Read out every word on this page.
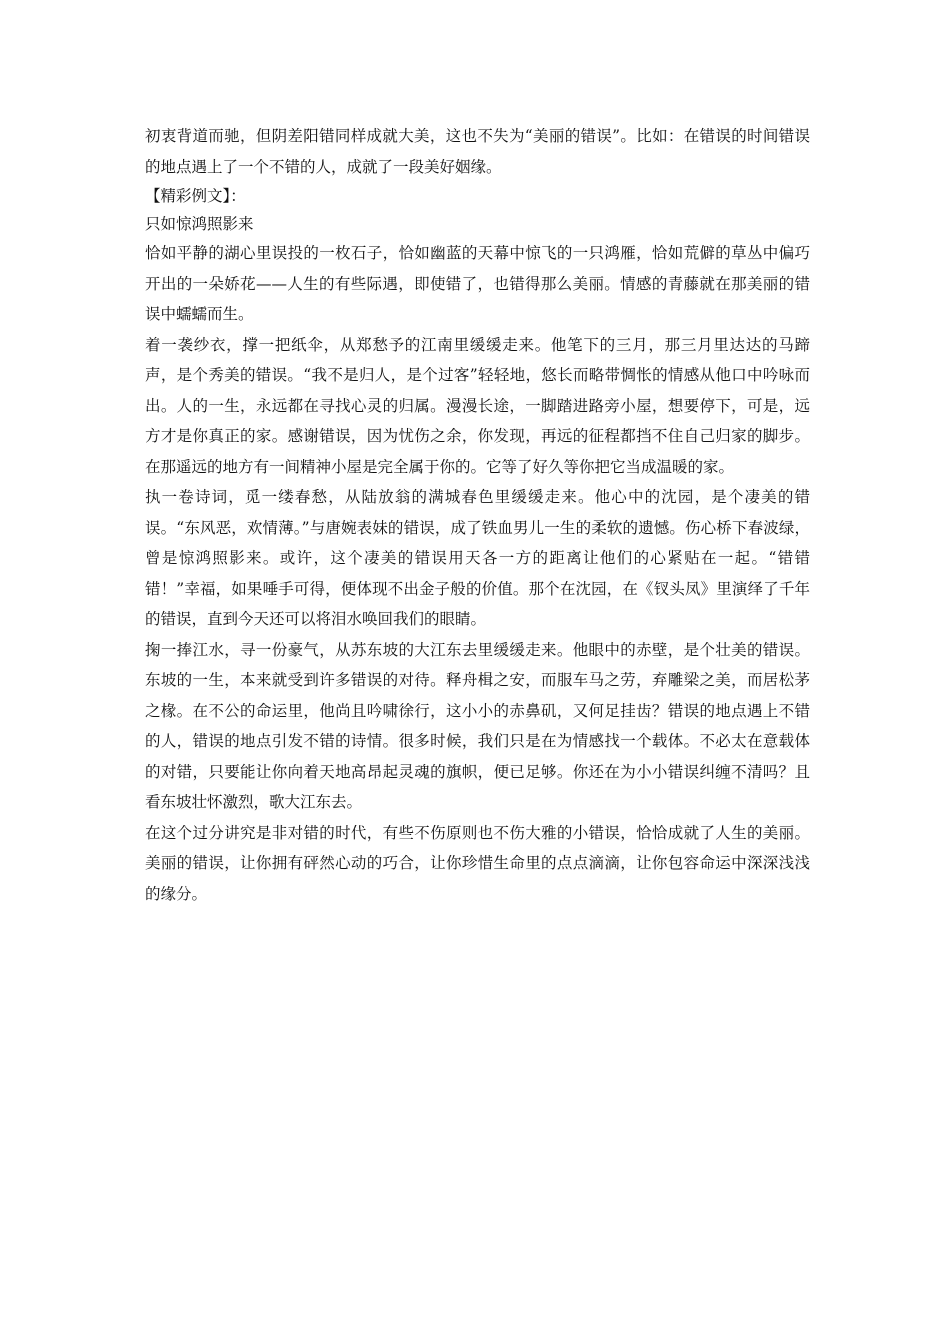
初衷背道而驰，但阴差阳错同样成就大美，这也不失为“美丽的错误”。比如：在错误的时间错误的地点遇上了一个不错的人，成就了一段美好姻缘。

【精彩例文】：

只如惊鸿照影来

恰如平静的湖心里误投的一枚石子，恰如幽蓝的天幕中惊飞的一只鸿雁，恰如荒僻的草丛中偏巧开出的一朵娇花——人生的有些际遇，即使错了，也错得那么美丽。情感的青藤就在那美丽的错误中蠕蠕而生。

着一袭纱衣，撑一把纸伞，从郑愁予的江南里缓缓走来。他笔下的三月，那三月里达达的马蹄声，是个秀美的错误。“我不是归人，是个过客”轻轻地，悠长而略带惆怅的情感从他口中吟咏而出。人的一生，永远都在寻找心灵的归属。漫漫长途，一脚踏进路旁小屋，想要停下，可是，远方才是你真正的家。感谢错误，因为忧伤之余，你发现，再远的征程都挡不住自己归家的脚步。在那遥远的地方有一间精神小屋是完全属于你的。它等了好久等你把它当成温暖的家。

执一卷诗词，觅一缕春愁，从陆放翁的满城春色里缓缓走来。他心中的沈园，是个凄美的错误。“东风恶，欢情薄。”与唐婉表妹的错误，成了铁血男儿一生的柔软的遗憾。伤心桥下春波绿，曾是惊鸿照影来。或许，这个凄美的错误用天各一方的距离让他们的心紧贴在一起。“错错错！”幸福，如果唾手可得，便体现不出金子般的价值。那个在沈园，在《钗头凤》里演绎了千年的错误，直到今天还可以将泪水唤回我们的眼睛。

掬一捧江水，寻一份豪气，从苏东坡的大江东去里缓缓走来。他眼中的赤壁，是个壮美的错误。东坡的一生，本来就受到许多错误的对待。释舟楫之安，而服车马之劳，弃雕梁之美，而居松茅之椽。在不公的命运里，他尚且吟啸徐行，这小小的赤鼻矶，又何足挂齿？错误的地点遇上不错的人，错误的地点引发不错的诗情。很多时候，我们只是在为情感找一个载体。不必太在意载体的对错，只要能让你向着天地高昂起灵魂的旗帜，便已足够。你还在为小小错误纠缠不清吗？且看东坡壮怀激烈，歌大江东去。

在这个过分讲究是非对错的时代，有些不伤原则也不伤大雅的小错误，恰恰成就了人生的美丽。美丽的错误，让你拥有砰然心动的巧合，让你珍惜生命里的点点滴滴，让你包容命运中深深浅浅的缘分。
